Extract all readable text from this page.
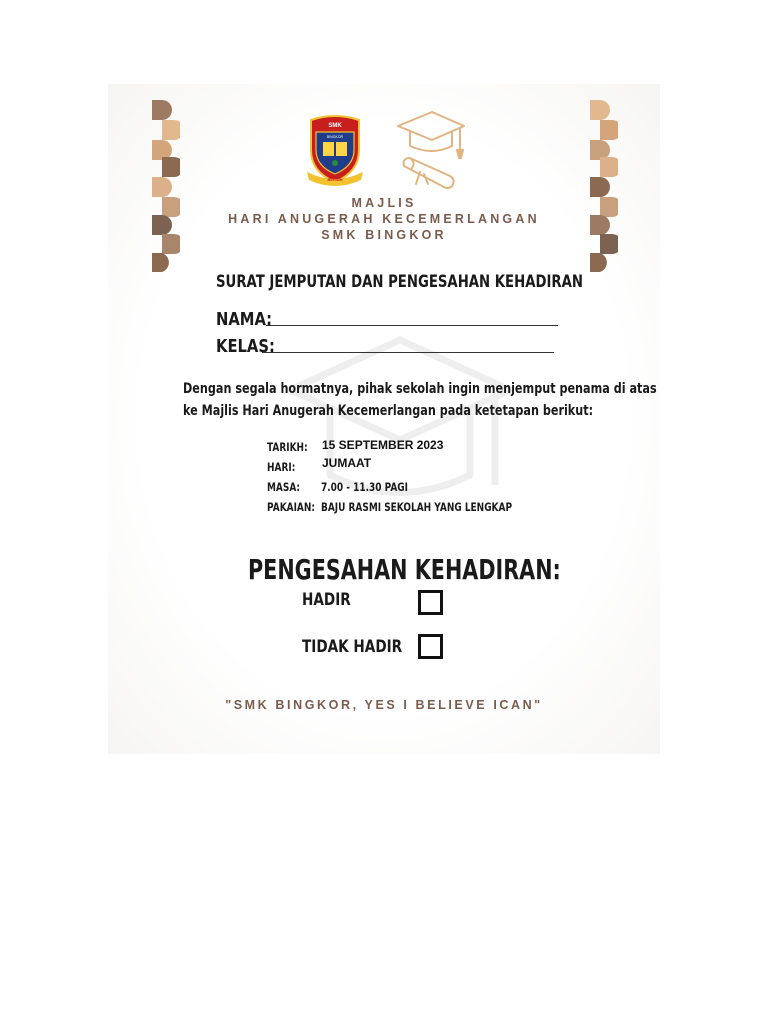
SMK
BINGKOR
BERSIH
MAJLIS
HARI ANUGERAH KECEMERLANGAN
SMK BINGKOR
SURAT JEMPUTAN DAN PENGESAHAN KEHADIRAN
NAMA:
KELAS:
Dengan segala hormatnya, pihak sekolah ingin menjemput penama di atas
ke Majlis Hari Anugerah Kecemerlangan pada ketetapan berikut:
TARIKH: 15 SEPTEMBER 2023
HARI: JUMAAT
MASA: 7.00 - 11.30 PAGI
PAKAIAN: BAJU RASMI SEKOLAH YANG LENGKAP
PENGESAHAN KEHADIRAN:
HADIR
TIDAK HADIR
"SMK BINGKOR, YES I BELIEVE ICAN"
